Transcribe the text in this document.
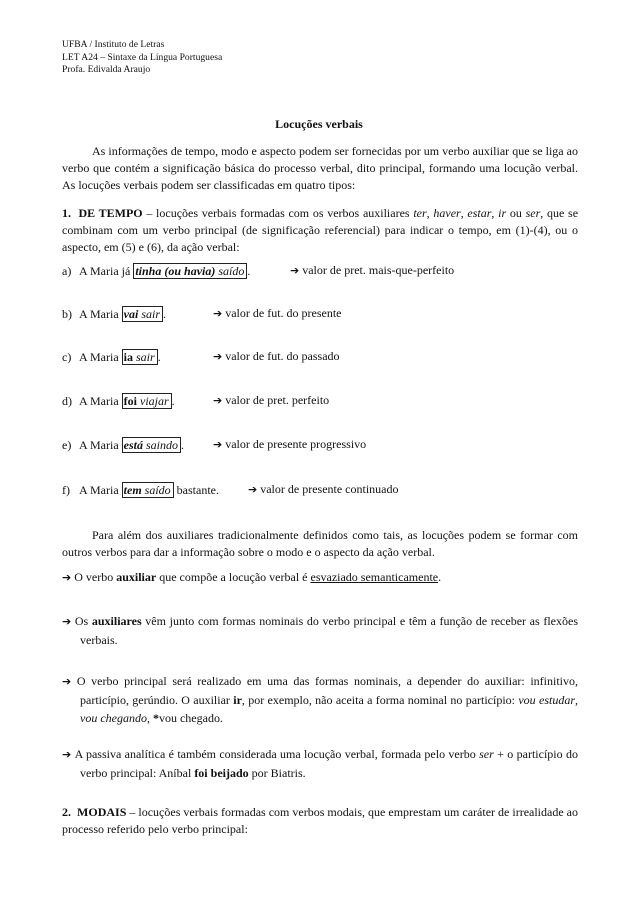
UFBA / Instituto de Letras
LET A24 – Sintaxe da Língua Portuguesa
Profa. Edivalda Araujo
Locuções verbais
As informações de tempo, modo e aspecto podem ser fornecidas por um verbo auxiliar que se liga ao verbo que contém a significação básica do processo verbal, dito principal, formando uma locução verbal. As locuções verbais podem ser classificadas em quatro tipos:
1. DE TEMPO – locuções verbais formadas com os verbos auxiliares ter, haver, estar, ir ou ser, que se combinam com um verbo principal (de significação referencial) para indicar o tempo, em (1)-(4), ou o aspecto, em (5) e (6), da ação verbal:
a) A Maria já tinha (ou havia) saído .	➔ valor de pret. mais-que-perfeito
b) A Maria vai sair .	➔ valor de fut. do presente
c) A Maria ia sair .	➔ valor de fut. do passado
d) A Maria foi viajar .	➔ valor de pret. perfeito
e) A Maria está saindo .	➔ valor de presente progressivo
f) A Maria tem saído bastante.	➔ valor de presente continuado
Para além dos auxiliares tradicionalmente definidos como tais, as locuções podem se formar com outros verbos para dar a informação sobre o modo e o aspecto da ação verbal.
➔ O verbo auxiliar que compõe a locução verbal é esvaziado semanticamente.
➔ Os auxiliares vêm junto com formas nominais do verbo principal e têm a função de receber as flexões verbais.
➔ O verbo principal será realizado em uma das formas nominais, a depender do auxiliar: infinitivo, particípio, gerúndio. O auxiliar ir, por exemplo, não aceita a forma nominal no particípio: vou estudar, vou chegando, *vou chegado.
➔ A passiva analítica é também considerada uma locução verbal, formada pelo verbo ser + o particípio do verbo principal: Aníbal foi beijado por Biatris.
2. MODAIS – locuções verbais formadas com verbos modais, que emprestam um caráter de irrealidade ao processo referido pelo verbo principal:
